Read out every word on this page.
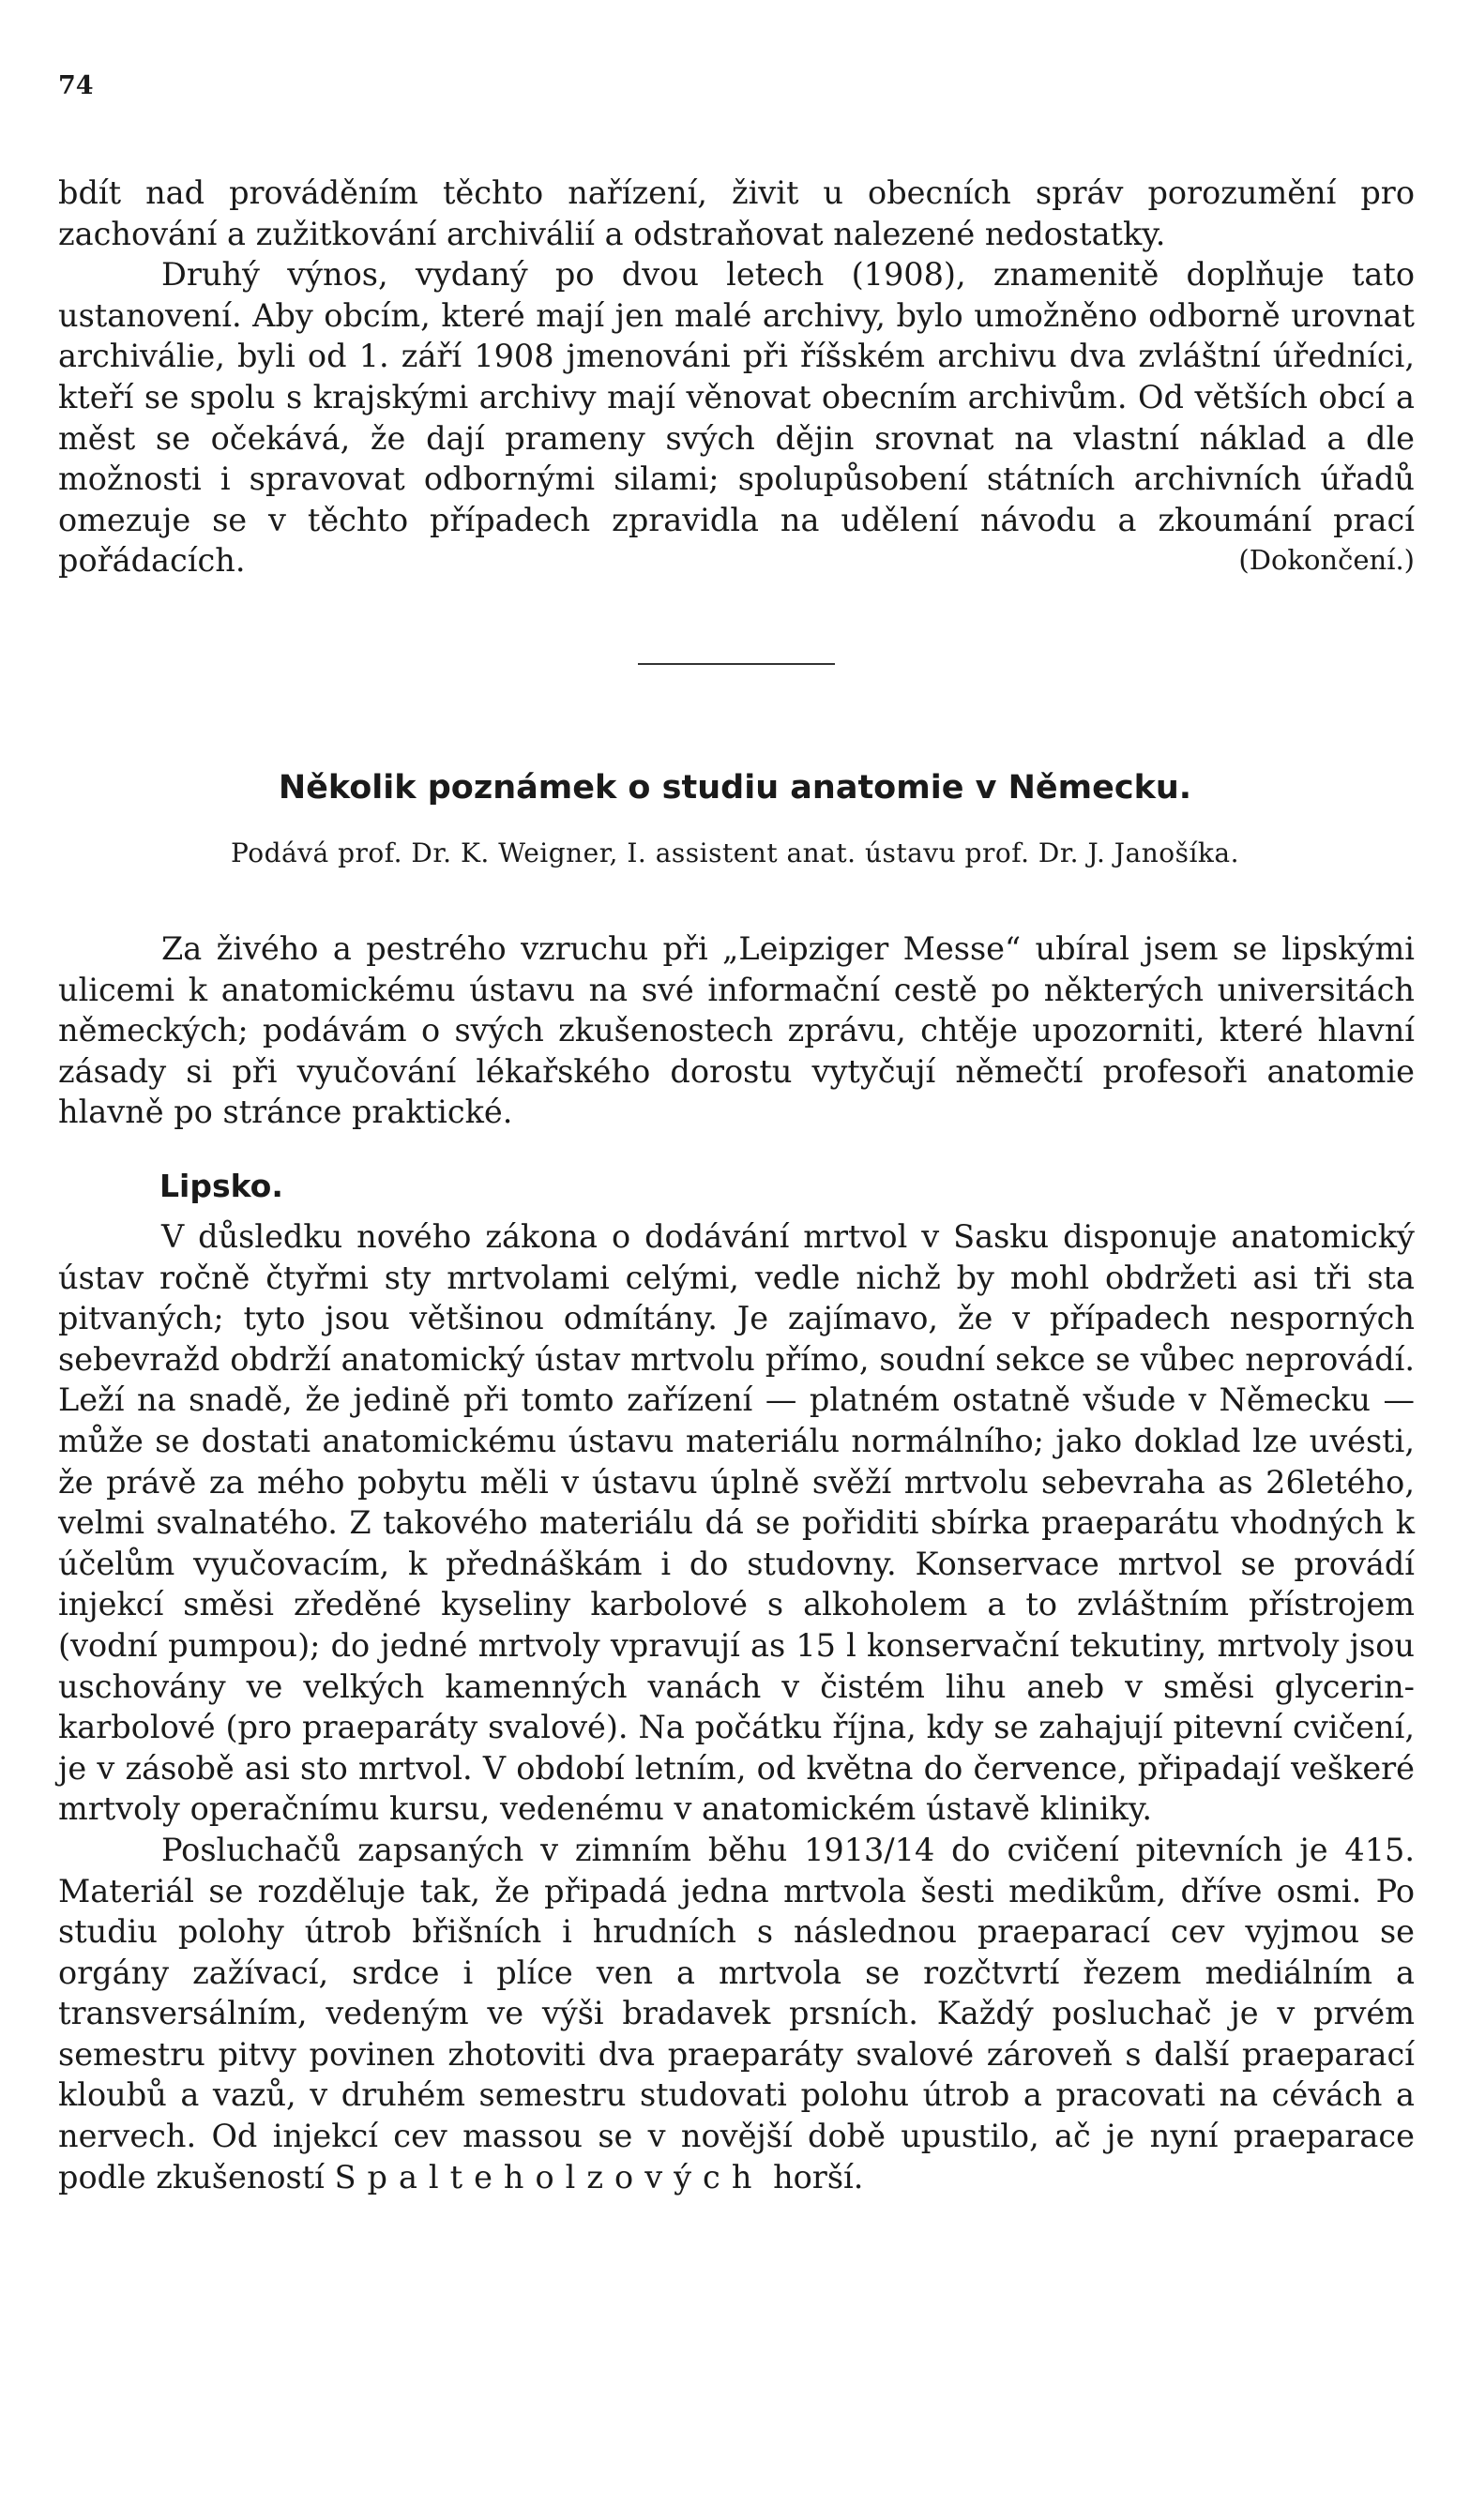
74

bdít nad prováděním těchto nařízení, živit u obecních správ porozumění pro zachování a zužitkování archiválií a odstraňovat nalezené nedostatky.

Druhý výnos, vydaný po dvou letech (1908), znamenitě doplňuje tato ustanovení. Aby obcím, které mají jen malé archivy, bylo umožněno odborně urovnat archiválie, byli od 1. září 1908 jmenováni při říšském archivu dva zvláštní úředníci, kteří se spolu s krajskými archivy mají věnovat obecním archivům. Od větších obcí a měst se očekává, že dají prameny svých dějin srovnat na vlastní náklad a dle možnosti i spravovat odbornými silami; spolupůsobení státních archivních úřadů omezuje se v těchto případech zpravidla na udělení návodu a zkoumání prací pořádacích.	(Dokončení.)

Několik poznámek o studiu anatomie v Německu.
Podává prof. Dr. K. Weigner, I. assistent anat. ústavu prof. Dr. J. Janošíka.

Za živého a pestrého vzruchu při „Leipziger Messe“ ubíral jsem se lipskými ulicemi k anatomickému ústavu na své informační cestě po některých universitách německých; podávám o svých zkušenostech zprávu, chtěje upozorniti, které hlavní zásady si při vyučování lékařského dorostu vytyčují němečtí profesoři anatomie hlavně po stránce praktické.

Lipsko.

V důsledku nového zákona o dodávání mrtvol v Sasku disponuje anatomický ústav ročně čtyřmi sty mrtvolami celými, vedle nichž by mohl obdržeti asi tři sta pitvaných; tyto jsou většinou odmítány. Je zajímavo, že v případech nesporných sebevražd obdrží anatomický ústav mrtvolu přímo, soudní sekce se vůbec neprovádí. Leží na snadě, že jedině při tomto zařízení — platném ostatně všude v Německu — může se dostati anatomickému ústavu materiálu normálního; jako doklad lze uvésti, že právě za mého pobytu měli v ústavu úplně svěží mrtvolu sebevraha as 26letého, velmi svalnatého. Z takového materiálu dá se pořiditi sbírka praeparátu vhodných k účelům vyučovacím, k přednáškám i do studovny. Konservace mrtvol se provádí injekcí směsi zředěné kyseliny karbolové s alkoholem a to zvláštním přístrojem (vodní pumpou); do jedné mrtvoly vpravují as 15 l konservační tekutiny, mrtvoly jsou uschovány ve velkých kamenných vanách v čistém lihu aneb v směsi glycerin-karbolové (pro praeparáty svalové). Na počátku října, kdy se zahajují pitevní cvičení, je v zásobě asi sto mrtvol. V období letním, od května do července, připadají veškeré mrtvoly operačnímu kursu, vedenému v anatomickém ústavě kliniky.

Posluchačů zapsaných v zimním běhu 1913/14 do cvičení pitevních je 415. Materiál se rozděluje tak, že připadá jedna mrtvola šesti medikům, dříve osmi. Po studiu polohy útrob břišních i hrudních s následnou praeparací cev vyjmou se orgány zažívací, srdce i plíce ven a mrtvola se rozčtvrtí řezem mediálním a transversálním, vedeným ve výši bradavek prsních. Každý posluchač je v prvém semestru pitvy povinen zhotoviti dva praeparáty svalové zároveň s další praeparací kloubů a vazů, v druhém semestru studovati polohu útrob a pracovati na cévách a nervech. Od injekcí cev massou se v novější době upustilo, ač je nyní praeparace podle zkušeností Spalteholzových horší.
